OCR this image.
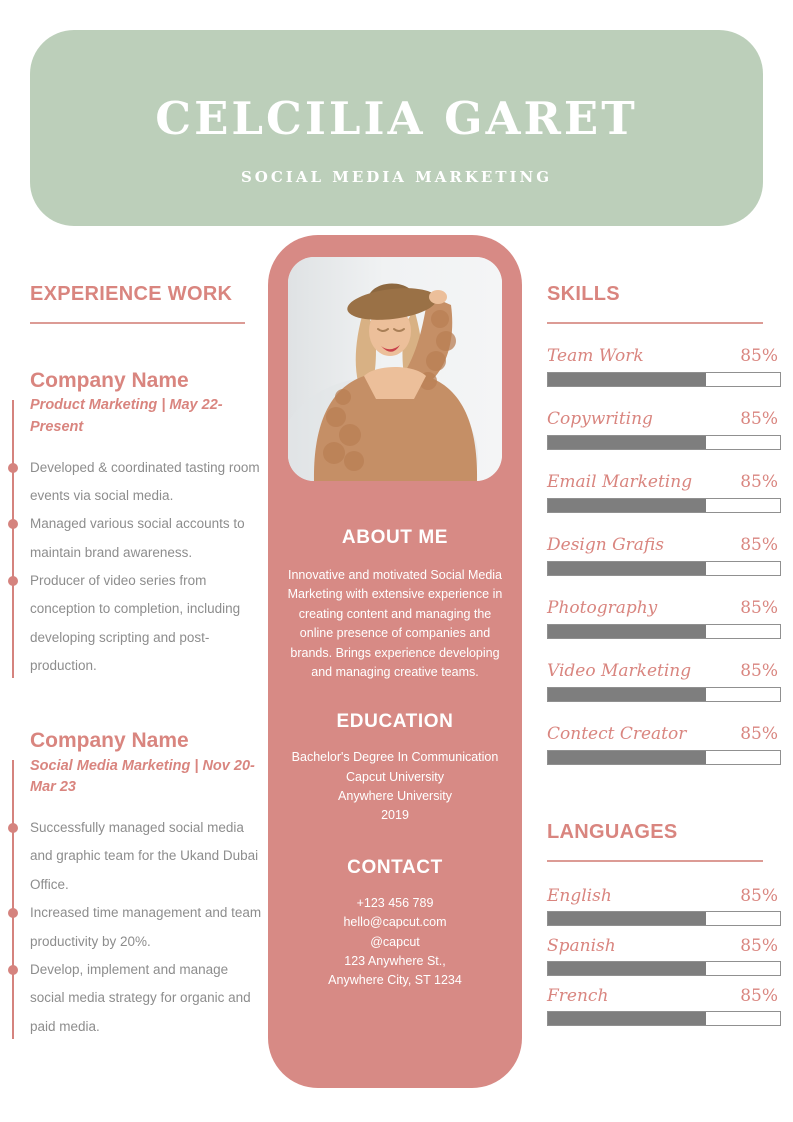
CELCILIA GARET
SOCIAL MEDIA MARKETING
EXPERIENCE WORK
Company Name
Product Marketing | May 22-Present
Developed & coordinated tasting room events via social media.
Managed various social accounts to maintain brand awareness.
Producer of video series from conception to completion, including developing scripting and post-production.
Company Name
Social Media Marketing | Nov 20-Mar 23
Successfully managed social media and graphic team for the Ukand Dubai Office.
Increased time management and team productivity by 20%.
Develop, implement and manage social media strategy for organic and paid media.
ABOUT ME

Innovative and motivated Social Media Marketing with extensive experience in creating content and managing the online presence of companies and brands. Brings experience developing and managing creative teams.

EDUCATION
Bachelor's Degree In Communication
Capcut University
Anywhere University
2019
CONTACT
+123 456 789
hello@capcut.com
@capcut
123 Anywhere St.,
Anywhere City, ST 1234
SKILLS
Team Work	85%
Copywriting	85%
Email Marketing	85%
Design Grafis	85%
Photography	85%
Video Marketing	85%
Contect Creator	85%
LANGUAGES
English	85%
Spanish	85%
French	85%
